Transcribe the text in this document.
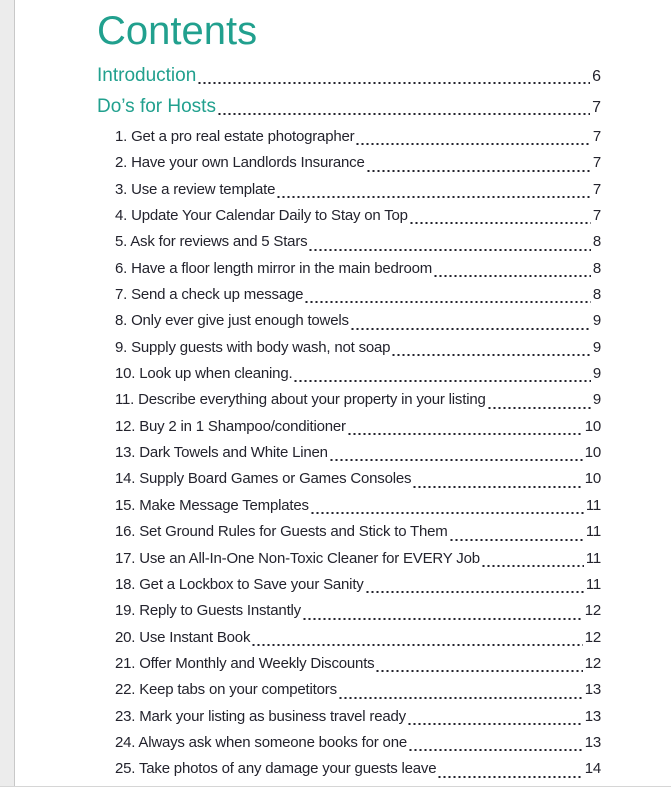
Contents
Introduction	6
Do’s for Hosts	7
1. Get a pro real estate photographer	7
2. Have your own Landlords Insurance	7
3. Use a review template	7
4. Update Your Calendar Daily to Stay on Top	7
5. Ask for reviews and 5 Stars	8
6. Have a floor length mirror in the main bedroom	8
7. Send a check up message	8
8. Only ever give just enough towels	9
9. Supply guests with body wash, not soap	9
10. Look up when cleaning.	9
11. Describe everything about your property in your listing	9
12. Buy 2 in 1 Shampoo/conditioner	10
13. Dark Towels and White Linen	10
14. Supply Board Games or Games Consoles	10
15. Make Message Templates	11
16. Set Ground Rules for Guests and Stick to Them	11
17. Use an All-In-One Non-Toxic Cleaner for EVERY Job	11
18. Get a Lockbox to Save your Sanity	11
19. Reply to Guests Instantly	12
20. Use Instant Book	12
21. Offer Monthly and Weekly Discounts	12
22. Keep tabs on your competitors	13
23. Mark your listing as business travel ready	13
24. Always ask when someone books for one	13
25. Take photos of any damage your guests leave	14
